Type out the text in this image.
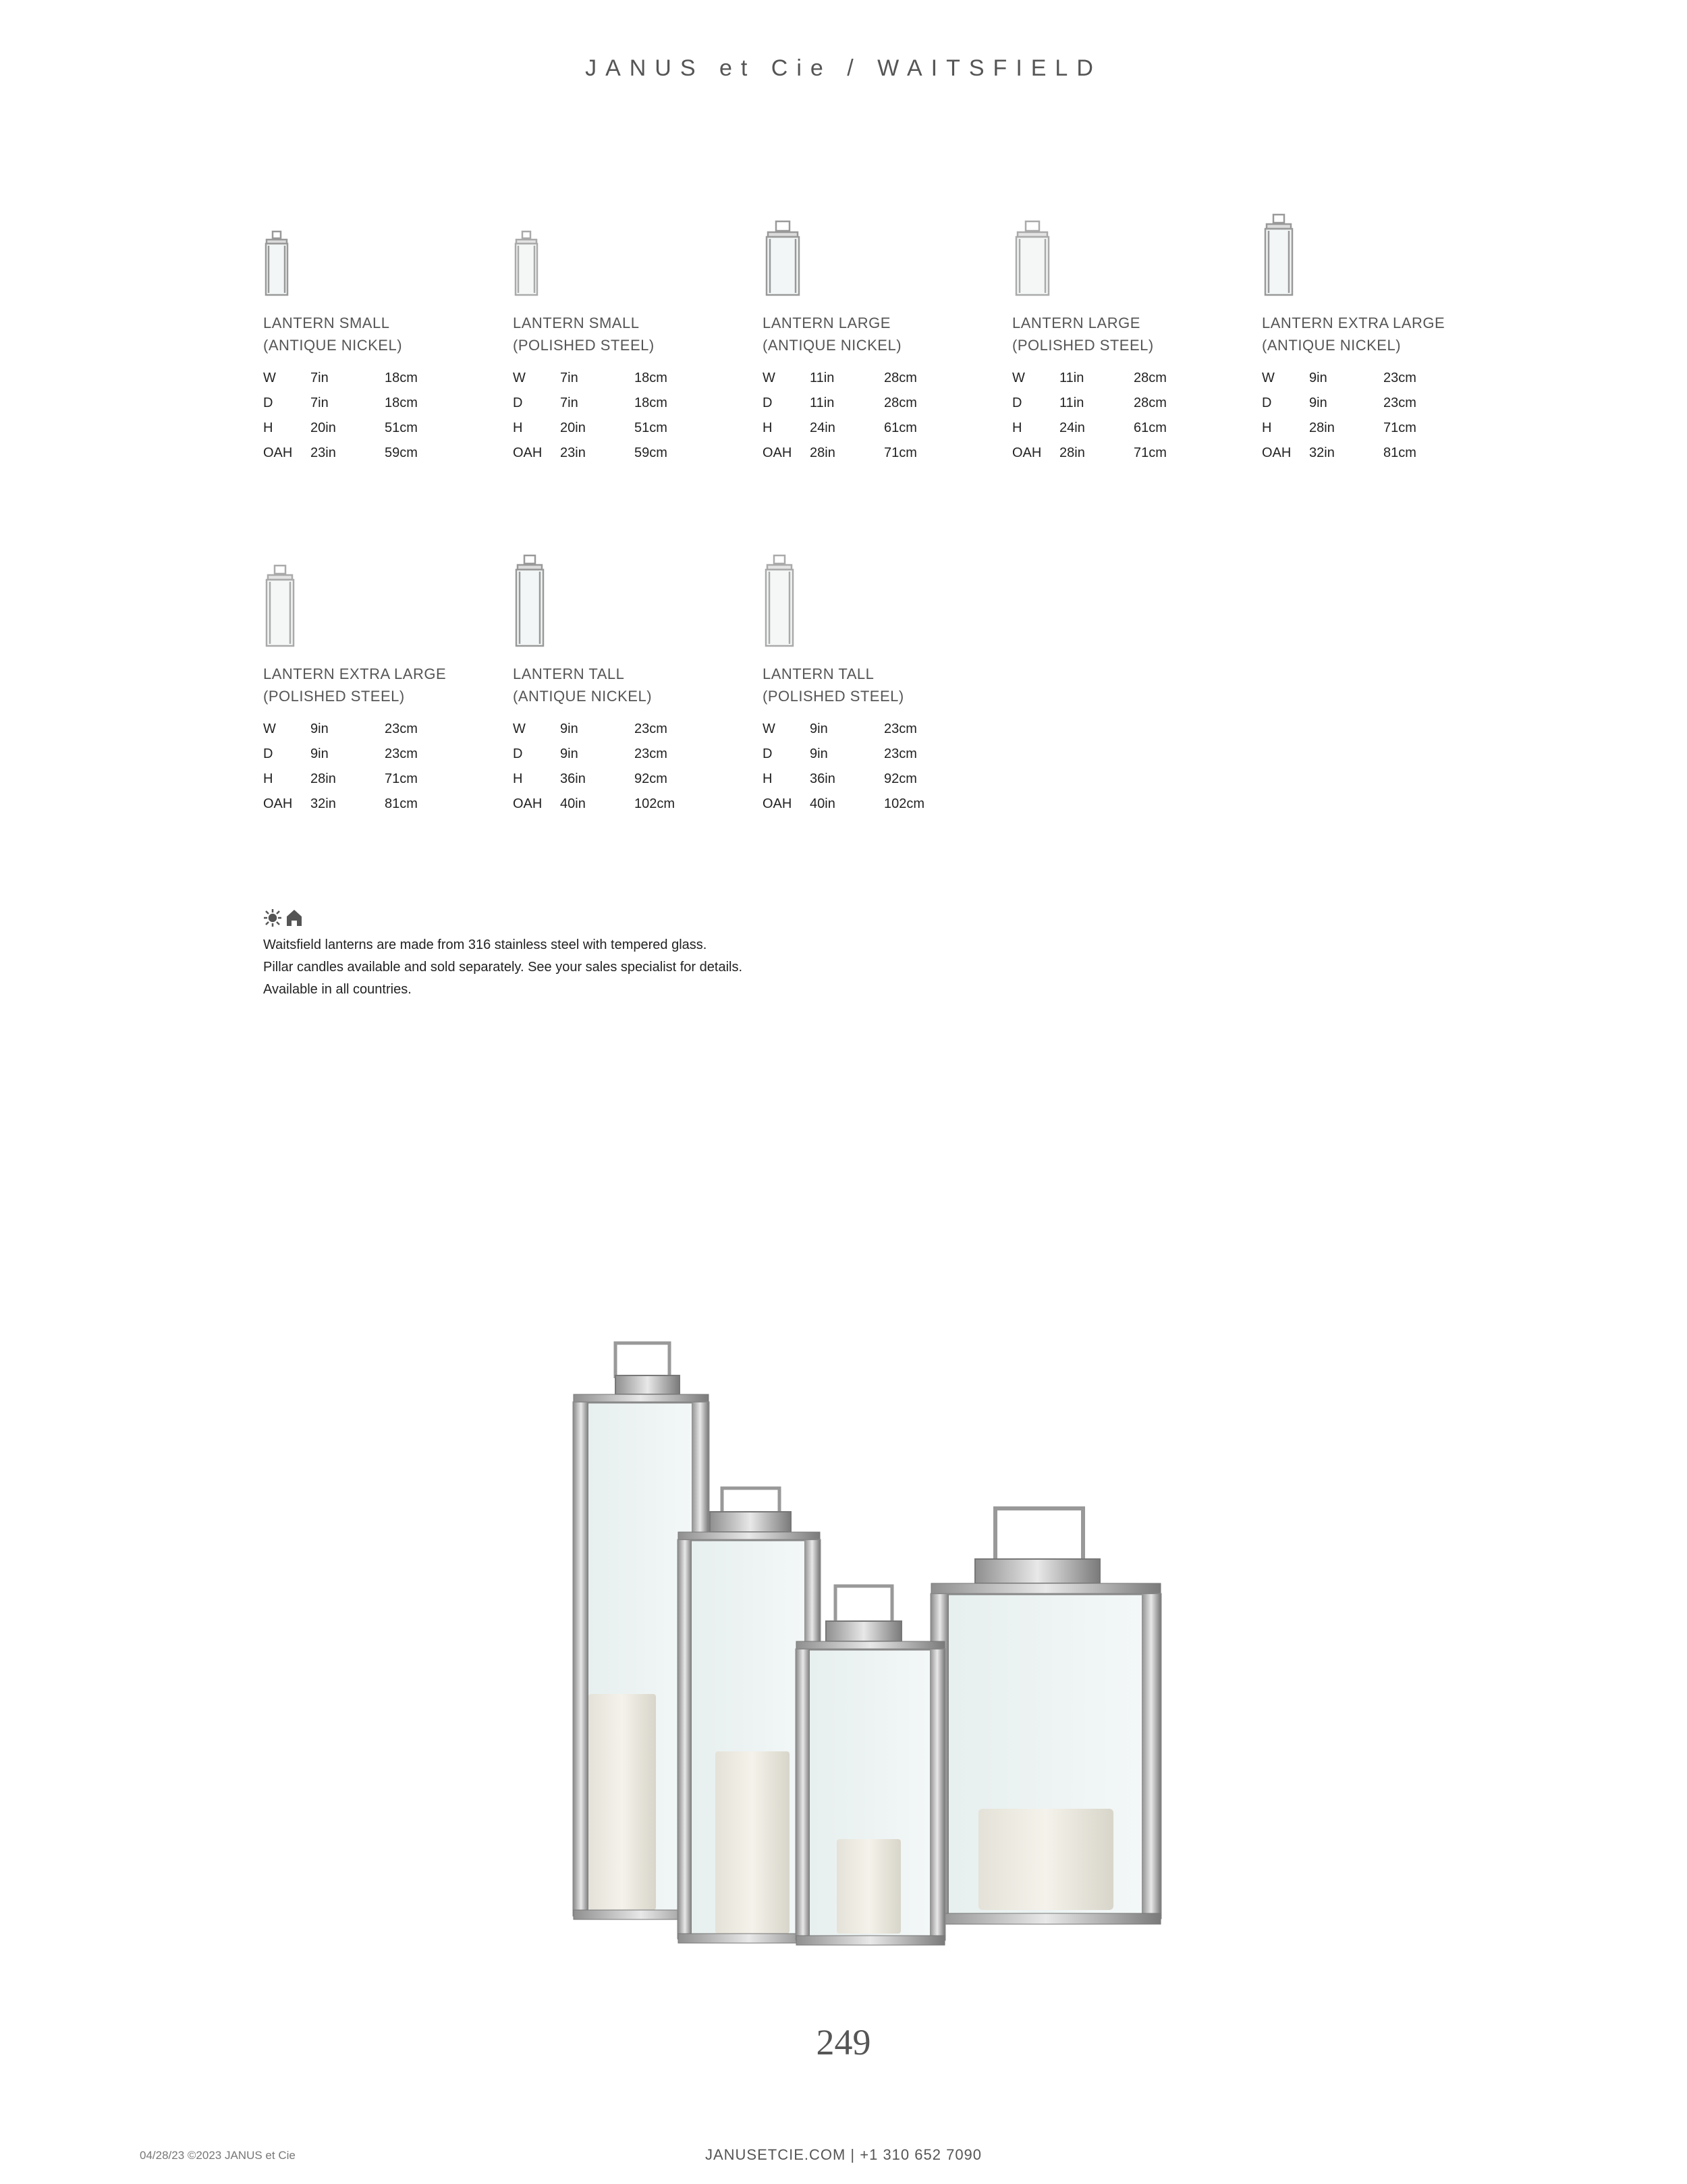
JANUS et Cie / WAITSFIELD
LANTERN SMALL
(ANTIQUE NICKEL)
W	7in	18cm
D	7in	18cm
H	20in	51cm
OAH	23in	59cm
LANTERN SMALL
(POLISHED STEEL)
W	7in	18cm
D	7in	18cm
H	20in	51cm
OAH	23in	59cm
LANTERN LARGE
(ANTIQUE NICKEL)
W	11in	28cm
D	11in	28cm
H	24in	61cm
OAH	28in	71cm
LANTERN LARGE
(POLISHED STEEL)
W	11in	28cm
D	11in	28cm
H	24in	61cm
OAH	28in	71cm
LANTERN EXTRA LARGE
(ANTIQUE NICKEL)
W	9in	23cm
D	9in	23cm
H	28in	71cm
OAH	32in	81cm
LANTERN EXTRA LARGE
(POLISHED STEEL)
W	9in	23cm
D	9in	23cm
H	28in	71cm
OAH	32in	81cm
LANTERN TALL
(ANTIQUE NICKEL)
W	9in	23cm
D	9in	23cm
H	36in	92cm
OAH	40in	102cm
LANTERN TALL
(POLISHED STEEL)
W	9in	23cm
D	9in	23cm
H	36in	92cm
OAH	40in	102cm
Waitsfield lanterns are made from 316 stainless steel with tempered glass.
Pillar candles available and sold separately. See your sales specialist for details.
Available in all countries.
249
04/28/23 ©2023 JANUS et Cie	JANUSETCIE.COM | +1 310 652 7090
